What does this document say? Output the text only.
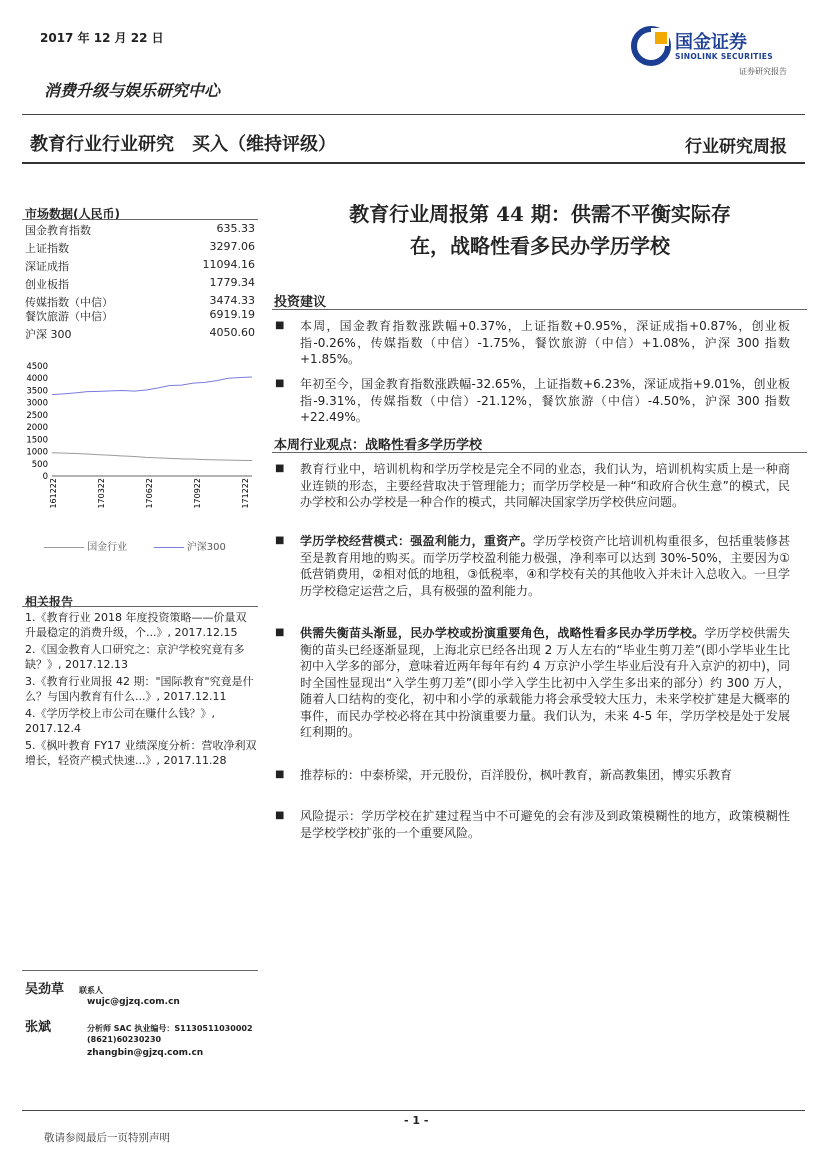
2017 年 12 月 22 日	国金证券
SINOLINK SECURITIES
证券研究报告
消费升级与娱乐研究中心
教育行业行业研究　买入（维持评级）	行业研究周报
市场数据(人民币)
国金教育指数	635.33
上证指数	3297.06
深证成指	11094.16
创业板指	1779.34
传媒指数（中信）	3474.33
餐饮旅游（中信）	6919.19
沪深 300	4050.60
4500
4000
3500
3000
2500
2000
1500
1000
500
0
161222	170322	170622	170922	171222
国金行业	沪深300
相关报告
1.《教育行业 2018 年度投资策略——价量双升最稳定的消费升级，个...》, 2017.12.15
2.《国金教育人口研究之：京沪学校究竟有多缺？》, 2017.12.13
3.《教育行业周报 42 期："国际教育"究竟是什么？与国内教育有什么...》, 2017.12.11
4.《学历学校上市公司在赚什么钱？》, 2017.12.4
5.《枫叶教育 FY17 业绩深度分析：营收净利双增长，轻资产模式快速...》, 2017.11.28
教育行业周报第 44 期：供需不平衡实际存
在，战略性看多民办学历学校
投资建议
■	本周，国金教育指数涨跌幅+0.37%，上证指数+0.95%，深证成指+0.87%，创业板指-0.26%，传媒指数（中信）-1.75%，餐饮旅游（中信）+1.08%，沪深 300 指数+1.85%。
■	年初至今，国金教育指数涨跌幅-32.65%，上证指数+6.23%，深证成指+9.01%，创业板指-9.31%，传媒指数（中信）-21.12%，餐饮旅游（中信）-4.50%，沪深 300 指数+22.49%。
本周行业观点：战略性看多学历学校
■	教育行业中，培训机构和学历学校是完全不同的业态，我们认为，培训机构实质上是一种商业连锁的形态，主要经营取决于管理能力；而学历学校是一种“和政府合伙生意”的模式，民办学校和公办学校是一种合作的模式，共同解决国家学历学校供应问题。
■	学历学校经营模式：强盈利能力，重资产。学历学校资产比培训机构重很多，包括重装修甚至是教育用地的购买。而学历学校盈利能力极强，净利率可以达到 30%-50%，主要因为①低营销费用，②相对低的地租，③低税率，④和学校有关的其他收入并未计入总收入。一旦学历学校稳定运营之后，具有极强的盈利能力。
■	供需失衡苗头渐显，民办学校或扮演重要角色，战略性看多民办学历学校。学历学校供需失衡的苗头已经逐渐显现，上海北京已经各出现 2 万人左右的“毕业生剪刀差”(即小学毕业生比初中入学多的部分，意味着近两年每年有约 4 万京沪小学生毕业后没有升入京沪的初中)，同时全国性显现出“入学生剪刀差”(即小学入学生比初中入学生多出来的部分）约 300 万人，随着人口结构的变化，初中和小学的承载能力将会承受较大压力，未来学校扩建是大概率的事件，而民办学校必将在其中扮演重要力量。我们认为，未来 4-5 年，学历学校是处于发展红利期的。
■	推荐标的：中泰桥梁，开元股份，百洋股份，枫叶教育，新高教集团，博实乐教育
■	风险提示：学历学校在扩建过程当中不可避免的会有涉及到政策模糊性的地方，政策模糊性是学校学校扩张的一个重要风险。
吴劲草 联系人
wujc@gjzq.com.cn
张斌	分析师 SAC 执业编号：S1130511030002
(8621)60230230
zhangbin@gjzq.com.cn
- 1 -
敬请参阅最后一页特别声明
